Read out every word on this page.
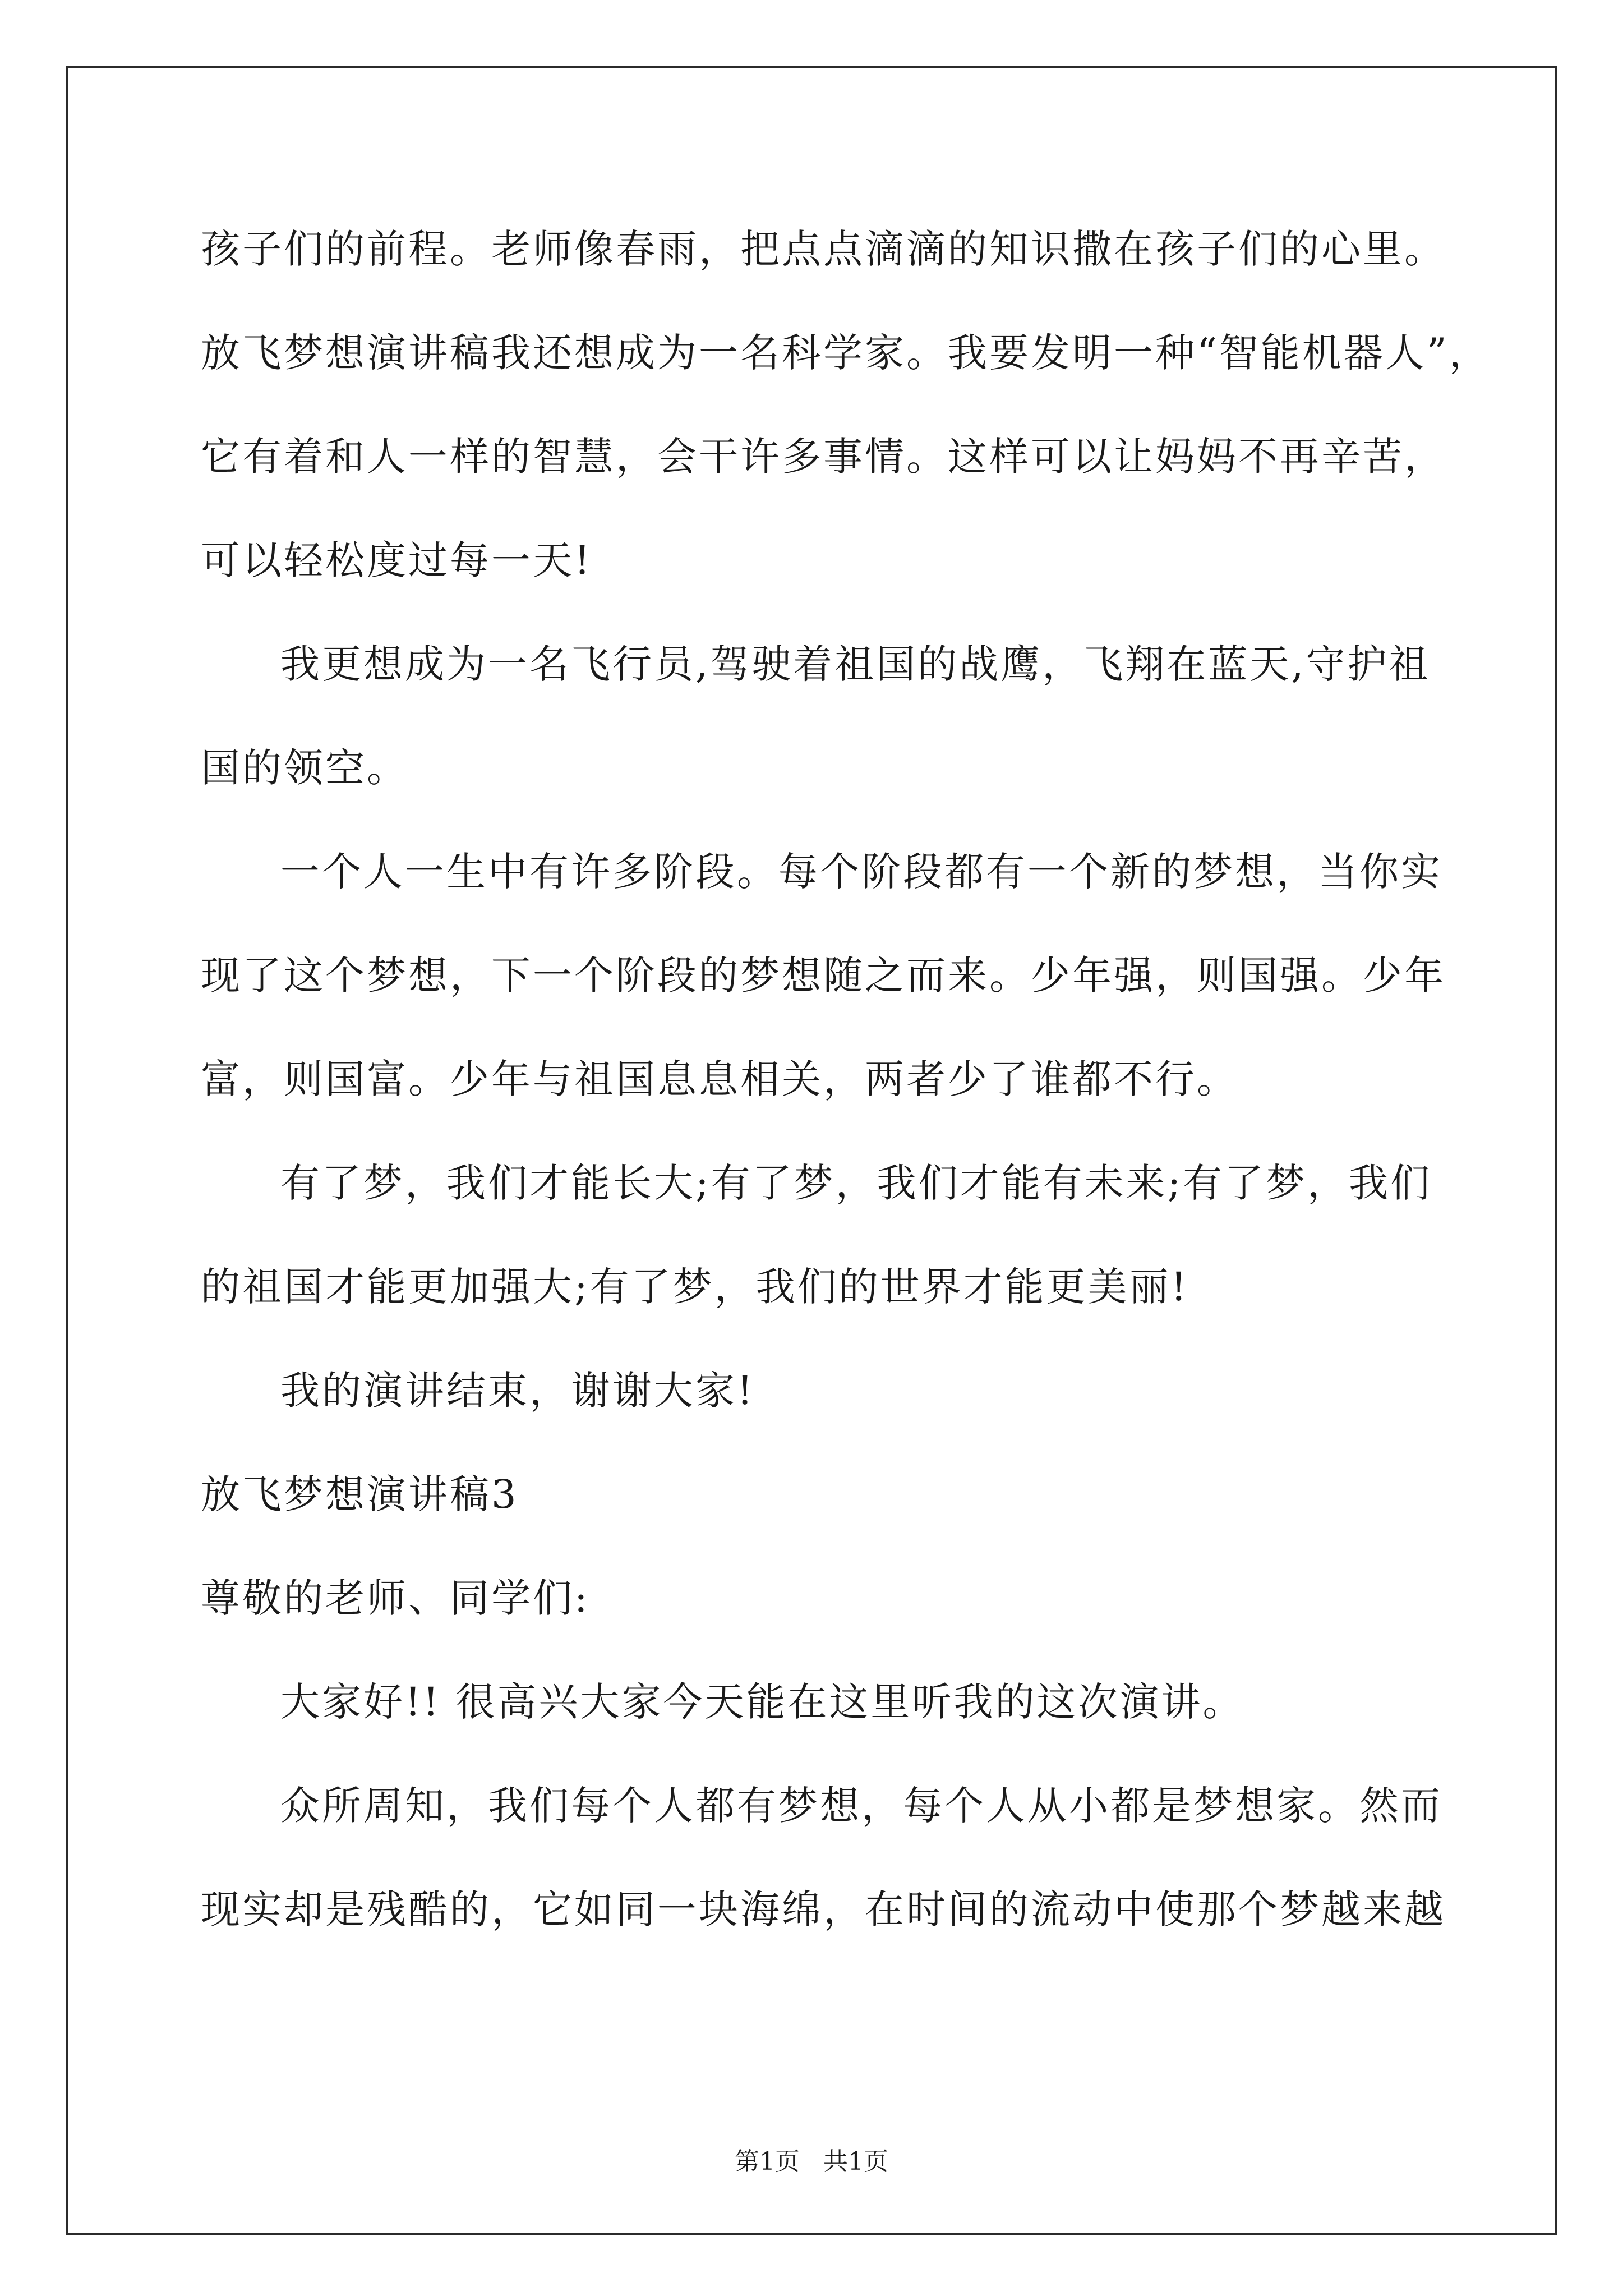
孩子们的前程。老师像春雨，把点点滴滴的知识撒在孩子们的心里。
放飞梦想演讲稿我还想成为一名科学家。我要发明一种“智能机器人”，
它有着和人一样的智慧，会干许多事情。这样可以让妈妈不再辛苦，
可以轻松度过每一天!
我更想成为一名飞行员,驾驶着祖国的战鹰，飞翔在蓝天,守护祖
国的领空。
一个人一生中有许多阶段。每个阶段都有一个新的梦想，当你实
现了这个梦想，下一个阶段的梦想随之而来。少年强，则国强。少年
富，则国富。少年与祖国息息相关，两者少了谁都不行。
有了梦，我们才能长大;有了梦，我们才能有未来;有了梦，我们
的祖国才能更加强大;有了梦，我们的世界才能更美丽!
我的演讲结束，谢谢大家!
放飞梦想演讲稿3
尊敬的老师、同学们:
大家好!! 很高兴大家今天能在这里听我的这次演讲。
众所周知，我们每个人都有梦想，每个人从小都是梦想家。然而
现实却是残酷的，它如同一块海绵，在时间的流动中使那个梦越来越
第1页 共1页
